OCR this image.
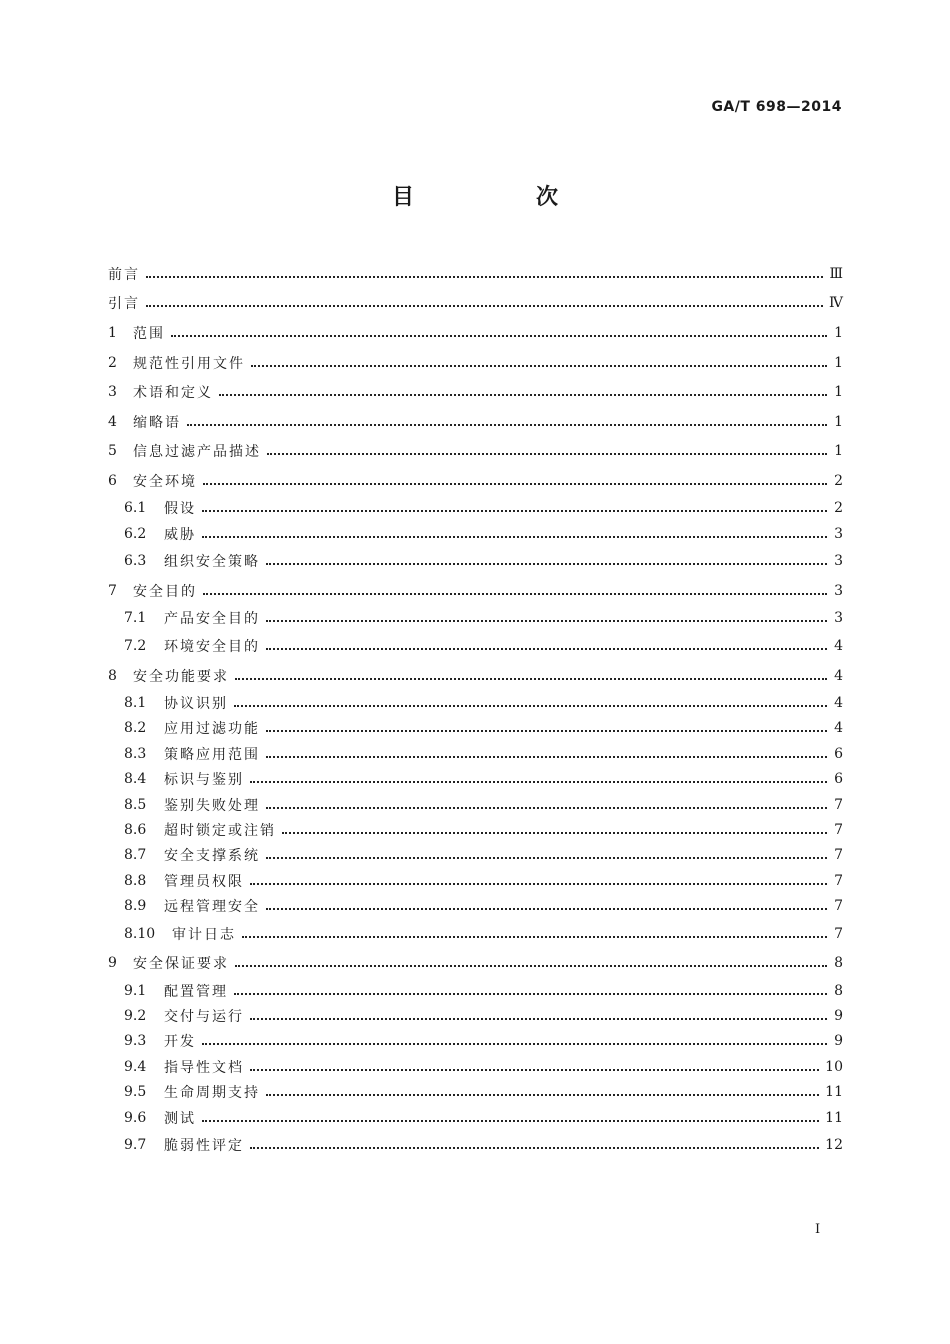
GA/T 698—2014
目　次
前言	Ⅲ
引言	Ⅳ
1	范围	1
2	规范性引用文件	1
3	术语和定义	1
4	缩略语	1
5	信息过滤产品描述	1
6	安全环境	2
6.1	假设	2
6.2	威胁	3
6.3	组织安全策略	3
7	安全目的	3
7.1	产品安全目的	3
7.2	环境安全目的	4
8	安全功能要求	4
8.1	协议识别	4
8.2	应用过滤功能	4
8.3	策略应用范围	6
8.4	标识与鉴别	6
8.5	鉴别失败处理	7
8.6	超时锁定或注销	7
8.7	安全支撑系统	7
8.8	管理员权限	7
8.9	远程管理安全	7
8.10	审计日志	7
9	安全保证要求	8
9.1	配置管理	8
9.2	交付与运行	9
9.3	开发	9
9.4	指导性文档	10
9.5	生命周期支持	11
9.6	测试	11
9.7	脆弱性评定	12
Ⅰ
